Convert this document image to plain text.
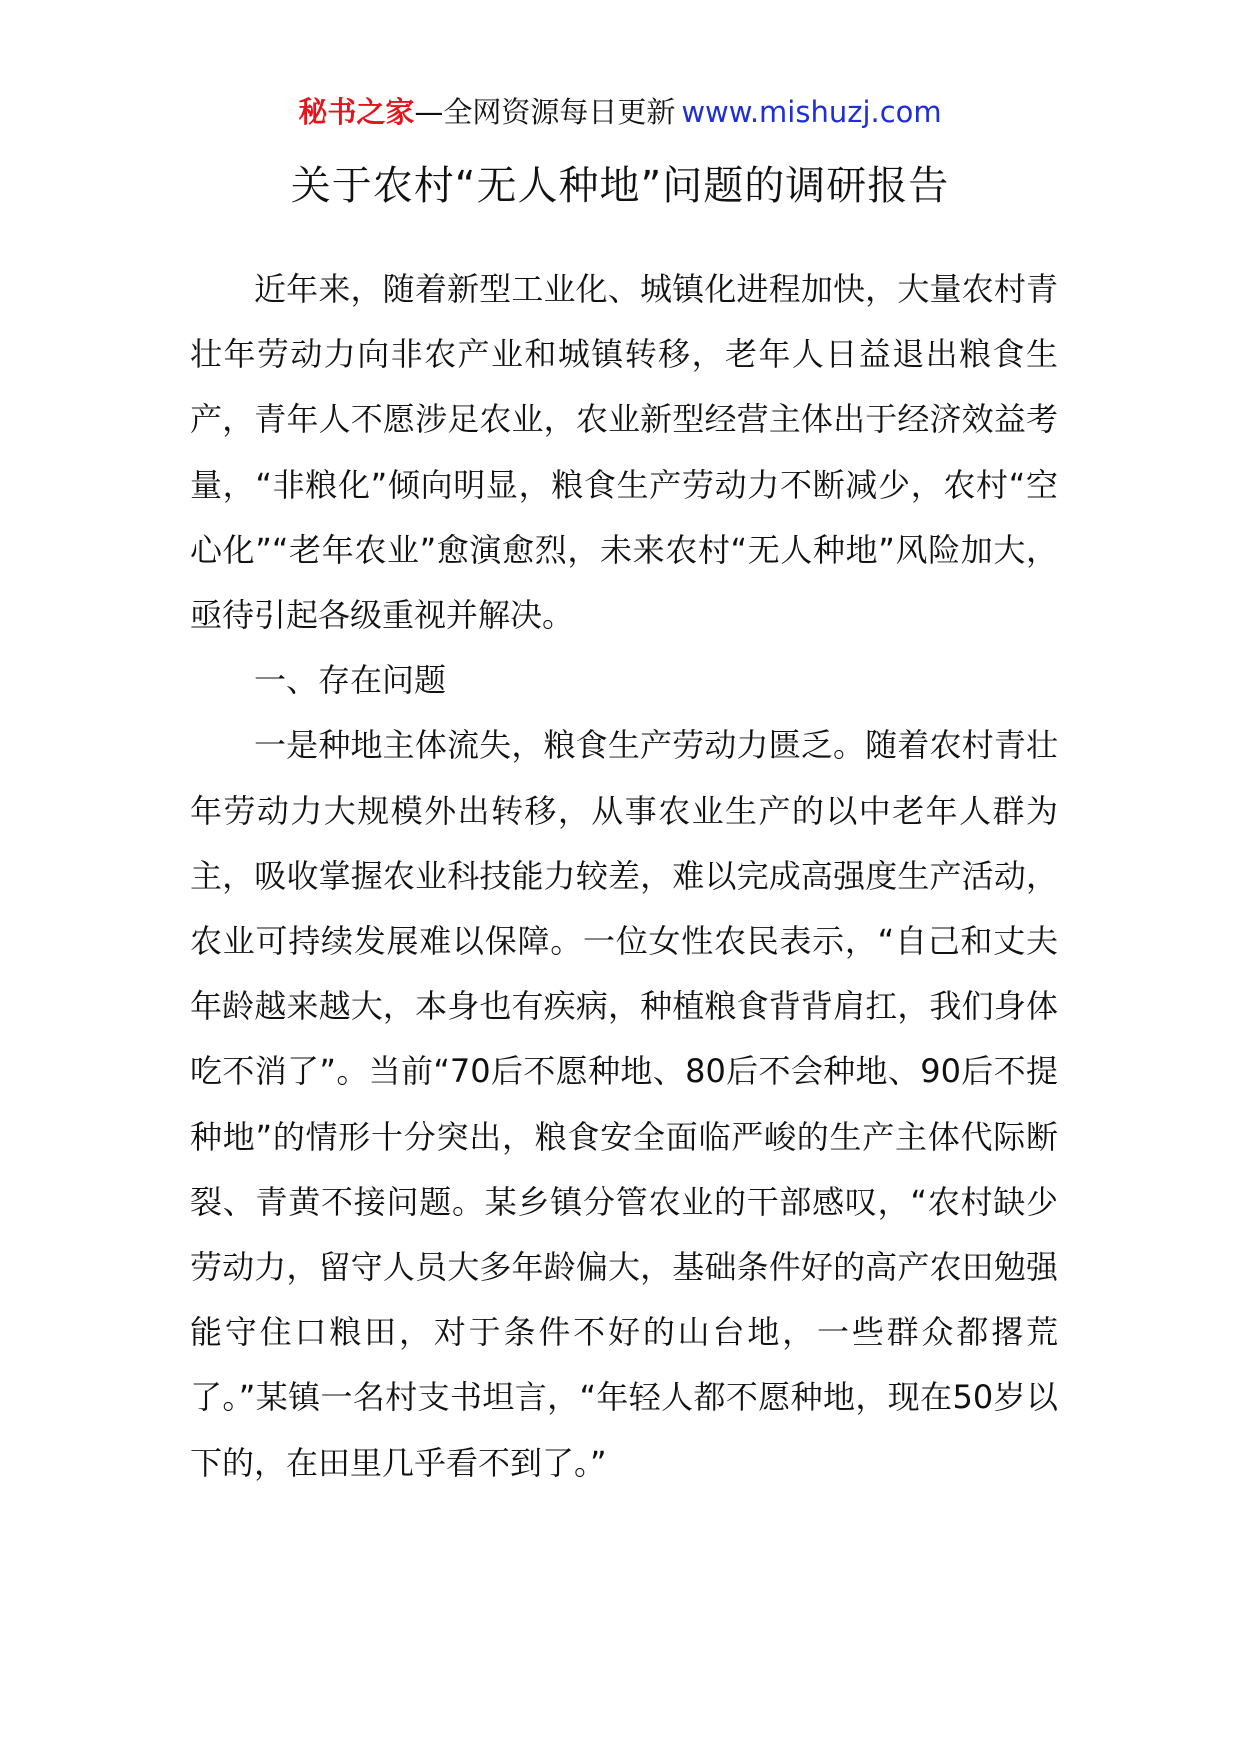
秘书之家—全网资源每日更新 www.mishuzj.com
关于农村“无人种地”问题的调研报告

近年来，随着新型工业化、城镇化进程加快，大量农村青壮年劳动力向非农产业和城镇转移，老年人日益退出粮食生产，青年人不愿涉足农业，农业新型经营主体出于经济效益考量，“非粮化”倾向明显，粮食生产劳动力不断减少，农村“空心化”“老年农业”愈演愈烈，未来农村“无人种地”风险加大，亟待引起各级重视并解决。

一、存在问题

一是种地主体流失，粮食生产劳动力匮乏。随着农村青壮年劳动力大规模外出转移，从事农业生产的以中老年人群为主，吸收掌握农业科技能力较差，难以完成高强度生产活动，农业可持续发展难以保障。一位女性农民表示，“自己和丈夫年龄越来越大，本身也有疾病，种植粮食背背肩扛，我们身体吃不消了”。当前“70后不愿种地、80后不会种地、90后不提种地”的情形十分突出，粮食安全面临严峻的生产主体代际断裂、青黄不接问题。某乡镇分管农业的干部感叹，“农村缺少劳动力，留守人员大多年龄偏大，基础条件好的高产农田勉强能守住口粮田，对于条件不好的山台地，一些群众都撂荒了。”某镇一名村支书坦言，“年轻人都不愿种地，现在50岁以下的，在田里几乎看不到了。”
